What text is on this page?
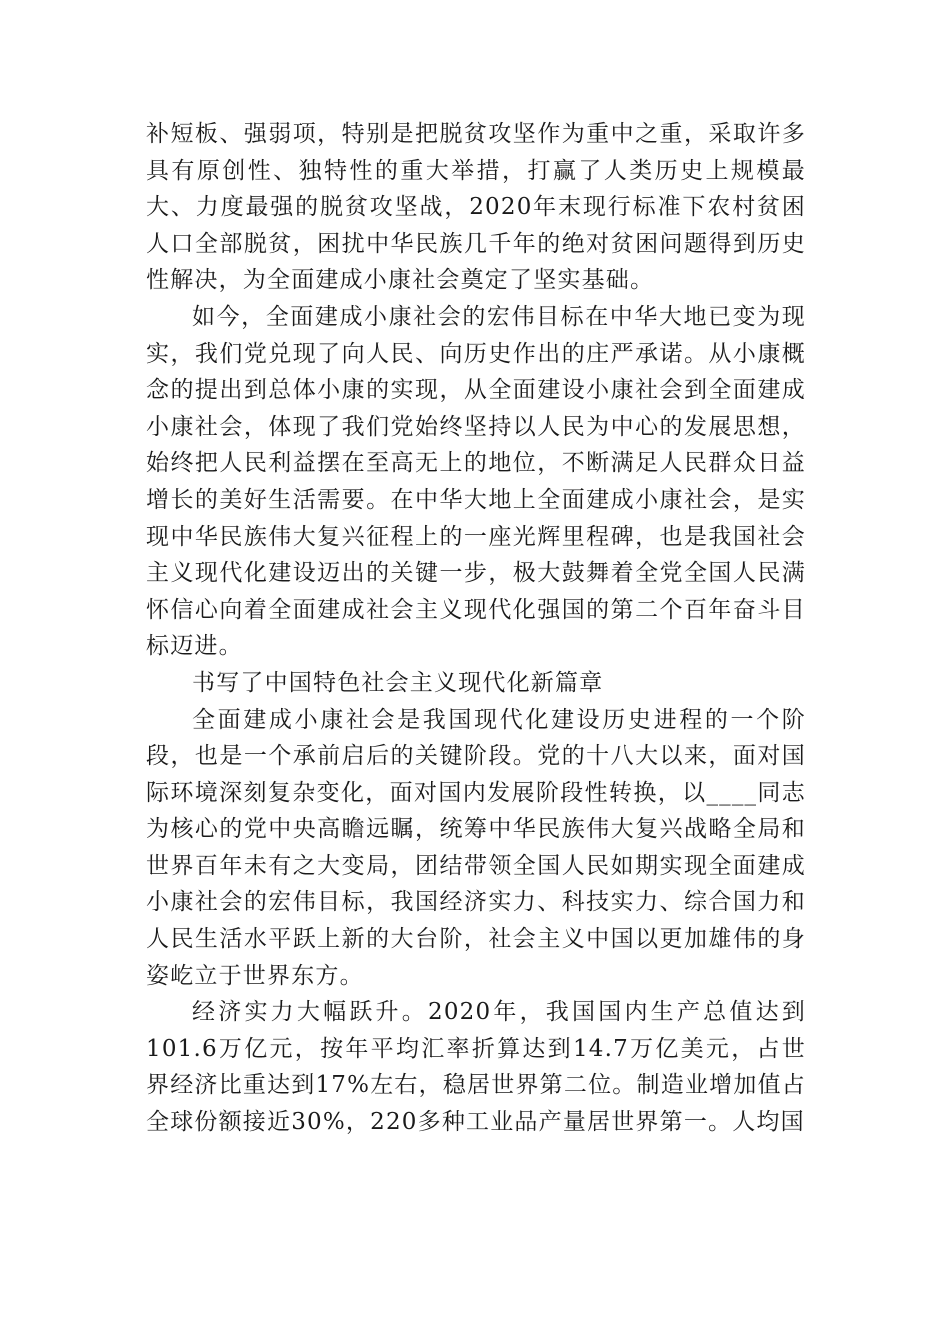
补短板、强弱项，特别是把脱贫攻坚作为重中之重，采取许多具有原创性、独特性的重大举措，打赢了人类历史上规模最大、力度最强的脱贫攻坚战，2020年末现行标准下农村贫困人口全部脱贫，困扰中华民族几千年的绝对贫困问题得到历史性解决，为全面建成小康社会奠定了坚实基础。

如今，全面建成小康社会的宏伟目标在中华大地已变为现实，我们党兑现了向人民、向历史作出的庄严承诺。从小康概念的提出到总体小康的实现，从全面建设小康社会到全面建成小康社会，体现了我们党始终坚持以人民为中心的发展思想，始终把人民利益摆在至高无上的地位，不断满足人民群众日益增长的美好生活需要。在中华大地上全面建成小康社会，是实现中华民族伟大复兴征程上的一座光辉里程碑，也是我国社会主义现代化建设迈出的关键一步，极大鼓舞着全党全国人民满怀信心向着全面建成社会主义现代化强国的第二个百年奋斗目标迈进。

书写了中国特色社会主义现代化新篇章

全面建成小康社会是我国现代化建设历史进程的一个阶段，也是一个承前启后的关键阶段。党的十八大以来，面对国际环境深刻复杂变化，面对国内发展阶段性转换，以____同志为核心的党中央高瞻远瞩，统筹中华民族伟大复兴战略全局和世界百年未有之大变局，团结带领全国人民如期实现全面建成小康社会的宏伟目标，我国经济实力、科技实力、综合国力和人民生活水平跃上新的大台阶，社会主义中国以更加雄伟的身姿屹立于世界东方。

经济实力大幅跃升。2020年，我国国内生产总值达到101.6万亿元，按年平均汇率折算达到14.7万亿美元，占世界经济比重达到17%左右，稳居世界第二位。制造业增加值占全球份额接近30%，220多种工业品产量居世界第一。人均国
